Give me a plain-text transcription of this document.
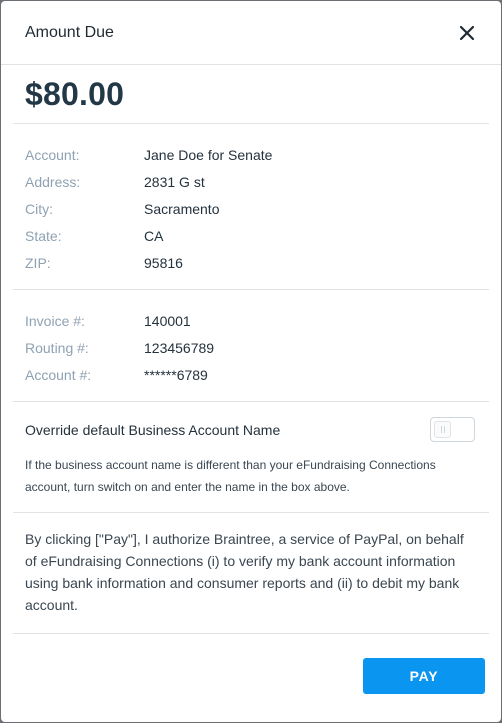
Amount Due
$80.00
Account:	Jane Doe for Senate
Address:	2831 G st
City:	Sacramento
State:	CA
ZIP:	95816
Invoice #:	140001
Routing #:	123456789
Account #:	******6789
Override default Business Account Name
If the business account name is different than your eFundraising Connections account, turn switch on and enter the name in the box above.
By clicking ["Pay"], I authorize Braintree, a service of PayPal, on behalf of eFundraising Connections (i) to verify my bank account information using bank information and consumer reports and (ii) to debit my bank account.
PAY
